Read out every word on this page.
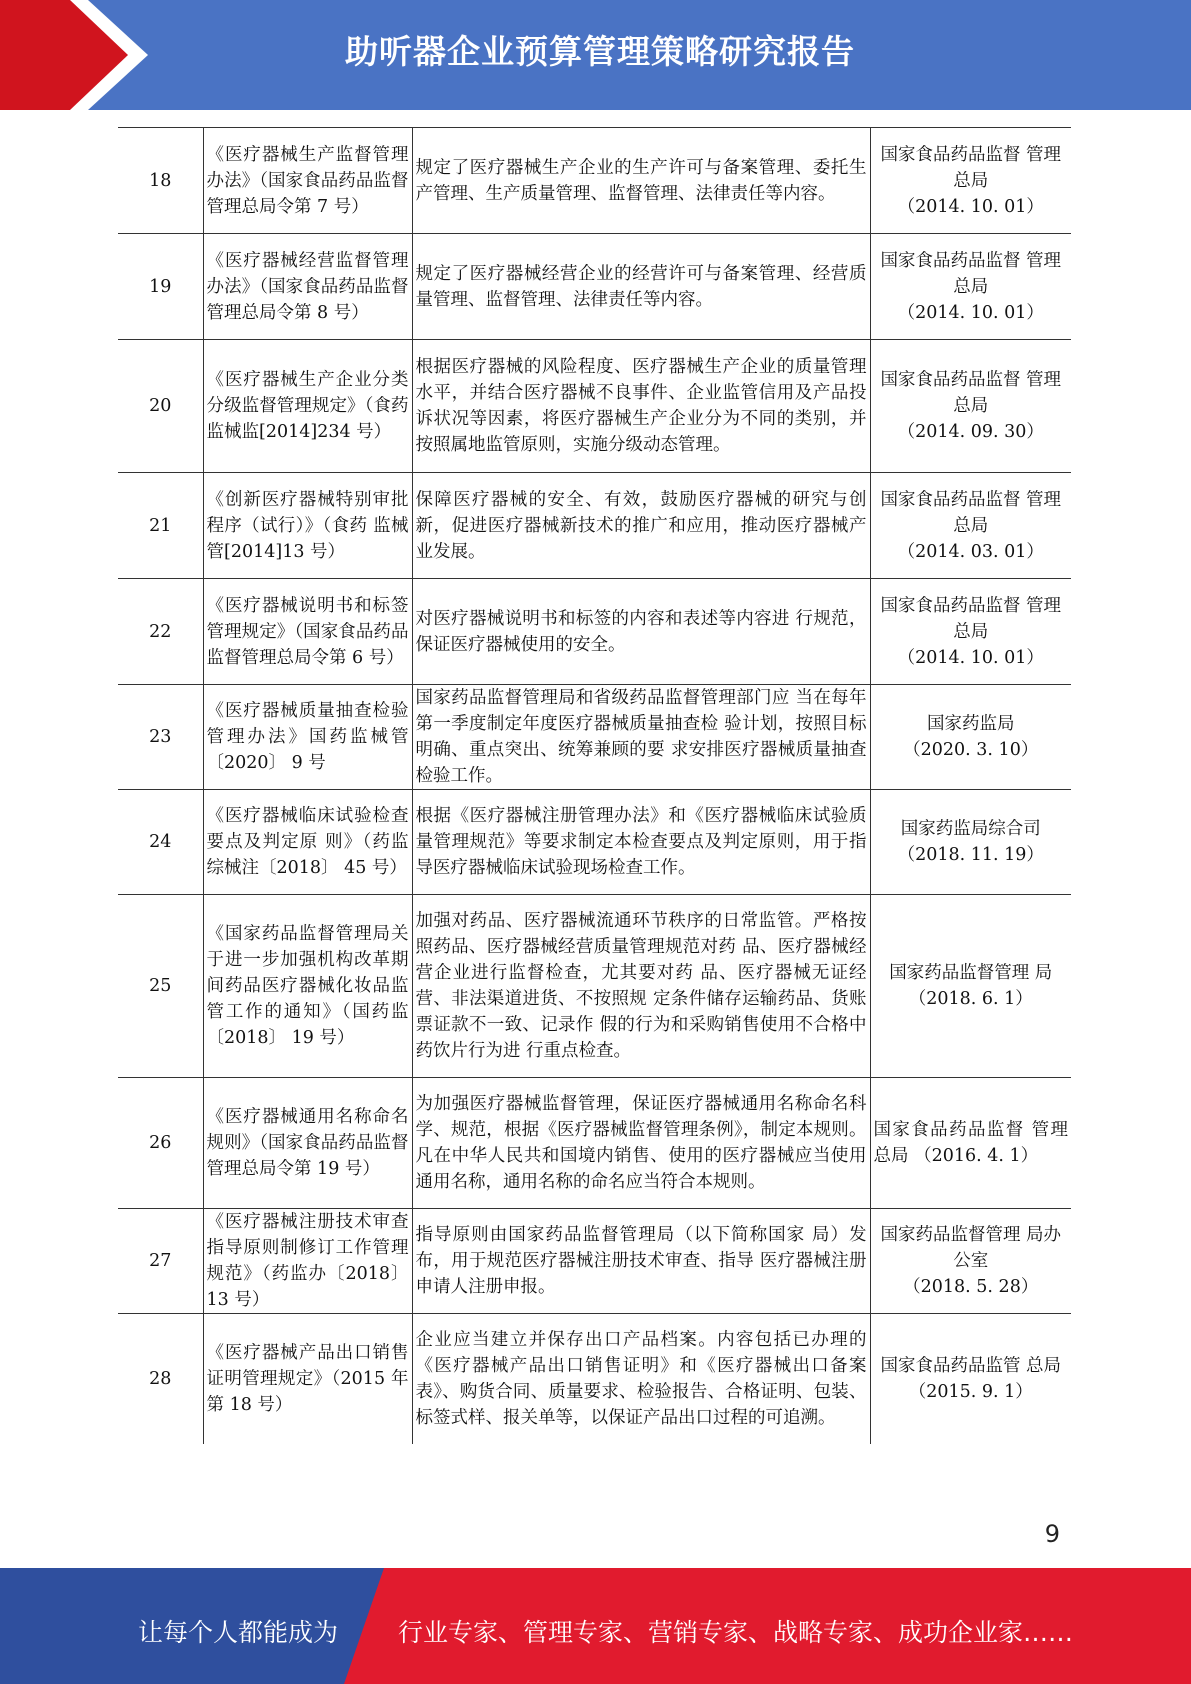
助听器企业预算管理策略研究报告
18	《医疗器械生产监督管理办法》（国家食品药品监督管理总局令第 7 号）	规定了医疗器械生产企业的生产许可与备案管理、委托生产管理、生产质量管理、监督管理、法律责任等内容。	国家食品药品监督 管理总局
（2014. 10. 01）

19	《医疗器械经营监督管理办法》（国家食品药品监督管理总局令第 8 号）	规定了医疗器械经营企业的经营许可与备案管理、经营质量管理、监督管理、法律责任等内容。	国家食品药品监督 管理总局
（2014. 10. 01）

20	《医疗器械生产企业分类分级监督管理规定》（食药监械监[2014]234 号）	根据医疗器械的风险程度、医疗器械生产企业的质量管理水平，并结合医疗器械不良事件、企业监管信用及产品投诉状况等因素，将医疗器械生产企业分为不同的类别，并按照属地监管原则，实施分级动态管理。	国家食品药品监督 管理总局
（2014. 09. 30）

21	《创新医疗器械特别审批程序（试行）》（食药 监械管[2014]13 号）	保障医疗器械的安全、有效，鼓励医疗器械的研究与创新，促进医疗器械新技术的推广和应用，推动医疗器械产业发展。	国家食品药品监督 管理总局
（2014. 03. 01）

22	《医疗器械说明书和标签管理规定》（国家食品药品监督管理总局令第 6 号）	对医疗器械说明书和标签的内容和表述等内容进 行规范，保证医疗器械使用的安全。	国家食品药品监督 管理总局
（2014. 10. 01）

23	《医疗器械质量抽查检验管理办法》国药监械管〔2020〕 9 号	国家药品监督管理局和省级药品监督管理部门应 当在每年第一季度制定年度医疗器械质量抽查检 验计划，按照目标明确、重点突出、统筹兼顾的要 求安排医疗器械质量抽查检验工作。	国家药监局
（2020. 3. 10）

24	《医疗器械临床试验检查要点及判定原 则》（药监综械注〔2018〕 45 号）	根据《医疗器械注册管理办法》和《医疗器械临床试验质量管理规范》等要求制定本检查要点及判定原则，用于指导医疗器械临床试验现场检查工作。	国家药监局综合司
（2018. 11. 19）

25	《国家药品监督管理局关于进一步加强机构改革期间药品医疗器械化妆品监管工作的通知》（国药监〔2018〕 19 号）	加强对药品、医疗器械流通环节秩序的日常监管。严格按照药品、医疗器械经营质量管理规范对药 品、医疗器械经营企业进行监督检查，尤其要对药 品、医疗器械无证经营、非法渠道进货、不按照规 定条件储存运输药品、货账票证款不一致、记录作 假的行为和采购销售使用不合格中药饮片行为进 行重点检查。	国家药品监督管理 局
（2018. 6. 1）

26	《医疗器械通用名称命名规则》（国家食品药品监督管理总局令第 19 号）	为加强医疗器械监督管理，保证医疗器械通用名称命名科学、规范，根据《医疗器械监督管理条例》，制定本规则。凡在中华人民共和国境内销售、使用的医疗器械应当使用通用名称，通用名称的命名应当符合本规则。	国家食品药品监督 管理总局 （2016. 4. 1）

27	《医疗器械注册技术审查指导原则制修订工作管理规范》（药监办〔2018〕13 号）	指导原则由国家药品监督管理局（以下简称国家 局）发布，用于规范医疗器械注册技术审查、指导 医疗器械注册申请人注册申报。	国家药品监督管理 局办公室
（2018. 5. 28）

28	《医疗器械产品出口销售证明管理规定》（2015 年第 18 号）	企业应当建立并保存出口产品档案。内容包括已办理的《医疗器械产品出口销售证明》和《医疗器械出口备案表》、购货合同、质量要求、检验报告、合格证明、包装、标签式样、报关单等，以保证产品出口过程的可追溯。	国家食品药品监管 总局
（2015. 9. 1）
9
让每个人都能成为 行业专家、管理专家、营销专家、战略专家、成功企业家……
